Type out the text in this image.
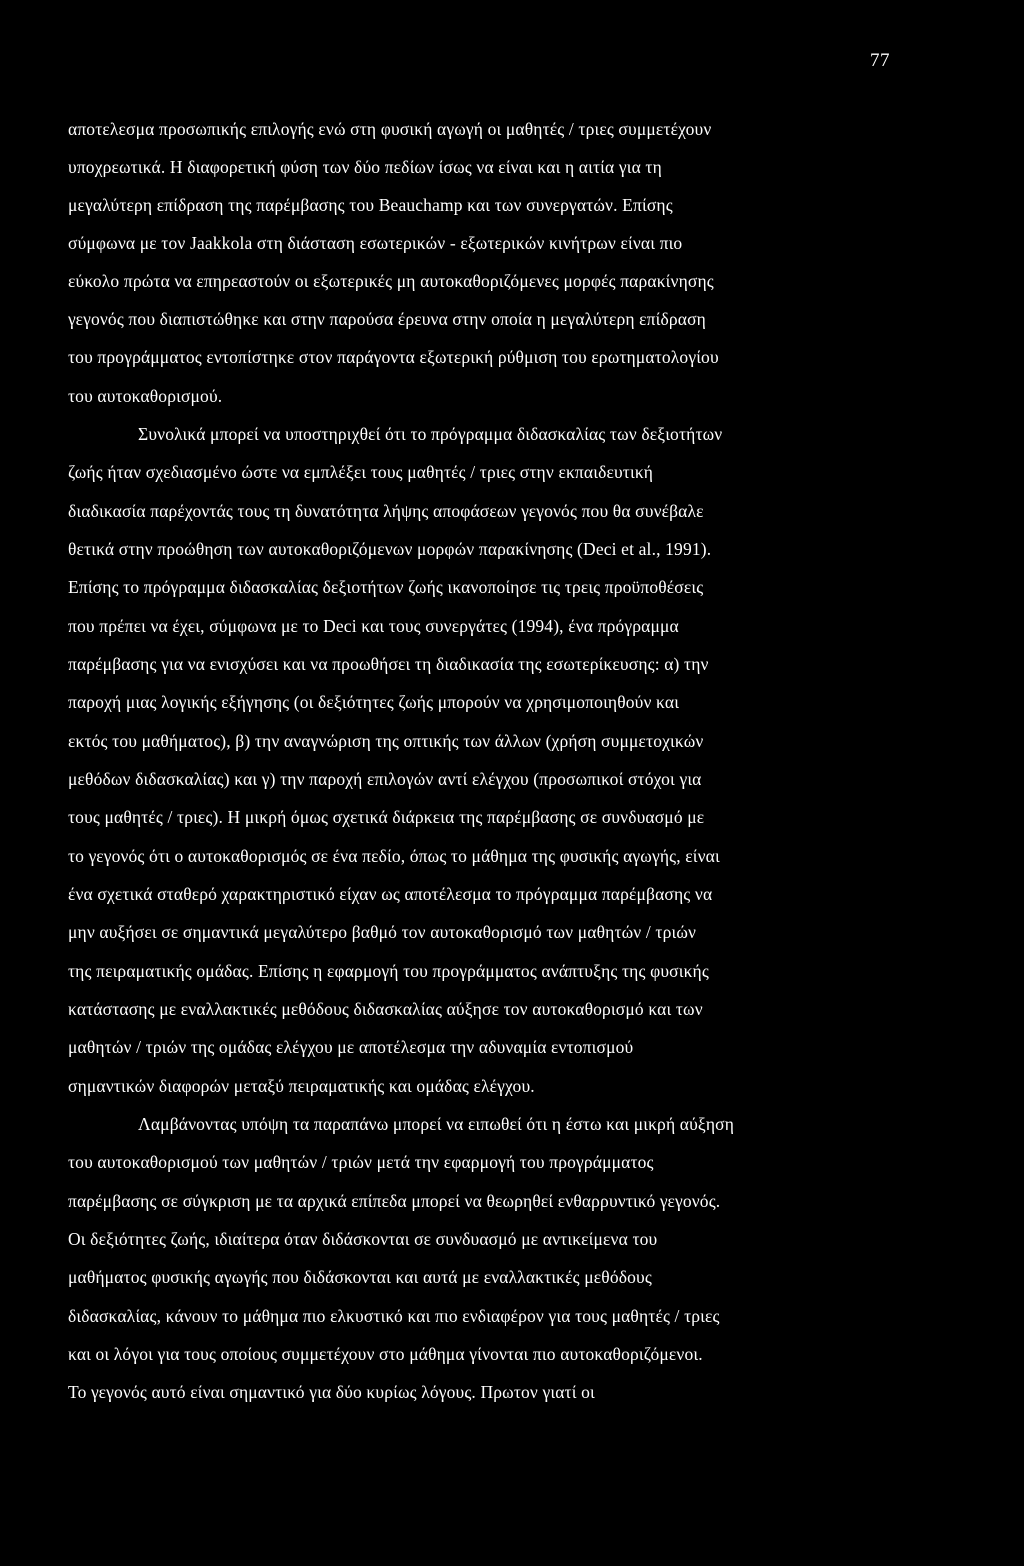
77
αποτελεσμα προσωπικής επιλογής ενώ στη φυσική αγωγή οι μαθητές / τριες συμμετέχουν
υποχρεωτικά. Η διαφορετική φύση των δύο πεδίων ίσως να είναι και η αιτία για τη
μεγαλύτερη επίδραση της παρέμβασης του Beauchamp και των συνεργατών. Επίσης
σύμφωνα με τον Jaakkola στη διάσταση εσωτερικών - εξωτερικών κινήτρων είναι πιο
εύκολο πρώτα να επηρεαστούν οι εξωτερικές μη αυτοκαθοριζόμενες μορφές παρακίνησης
γεγονός που διαπιστώθηκε και στην παρούσα έρευνα στην οποία η μεγαλύτερη επίδραση
του προγράμματος εντοπίστηκε στον παράγοντα εξωτερική ρύθμιση του ερωτηματολογίου
του αυτοκαθορισμού.
Συνολικά μπορεί να υποστηριχθεί ότι το πρόγραμμα διδασκαλίας των δεξιοτήτων
ζωής ήταν σχεδιασμένο ώστε να εμπλέξει τους μαθητές / τριες στην εκπαιδευτική
διαδικασία παρέχοντάς τους τη δυνατότητα λήψης αποφάσεων γεγονός που θα συνέβαλε
θετικά στην προώθηση των αυτοκαθοριζόμενων μορφών παρακίνησης (Deci et al., 1991).
Επίσης το πρόγραμμα διδασκαλίας δεξιοτήτων ζωής ικανοποίησε τις τρεις προϋποθέσεις
που πρέπει να έχει, σύμφωνα με το Deci και τους συνεργάτες (1994), ένα πρόγραμμα
παρέμβασης για να ενισχύσει και να προωθήσει τη διαδικασία της εσωτερίκευσης: α) την
παροχή μιας λογικής εξήγησης (οι δεξιότητες ζωής μπορούν να χρησιμοποιηθούν και
εκτός του μαθήματος), β) την αναγνώριση της οπτικής των άλλων (χρήση συμμετοχικών
μεθόδων διδασκαλίας) και γ) την παροχή επιλογών αντί ελέγχου (προσωπικοί στόχοι για
τους μαθητές / τριες). Η μικρή όμως σχετικά διάρκεια της παρέμβασης σε συνδυασμό με
το γεγονός ότι ο αυτοκαθορισμός σε ένα πεδίο, όπως το μάθημα της φυσικής αγωγής, είναι
ένα σχετικά σταθερό χαρακτηριστικό είχαν ως αποτέλεσμα το πρόγραμμα παρέμβασης να
μην αυξήσει σε σημαντικά μεγαλύτερο βαθμό τον αυτοκαθορισμό των μαθητών / τριών
της πειραματικής ομάδας. Επίσης η εφαρμογή του προγράμματος ανάπτυξης της φυσικής
κατάστασης με εναλλακτικές μεθόδους διδασκαλίας αύξησε τον αυτοκαθορισμό και των
μαθητών / τριών της ομάδας ελέγχου με αποτέλεσμα την αδυναμία εντοπισμού
σημαντικών διαφορών μεταξύ πειραματικής και ομάδας ελέγχου.
Λαμβάνοντας υπόψη τα παραπάνω μπορεί να ειπωθεί ότι η έστω και μικρή αύξηση
του αυτοκαθορισμού των μαθητών / τριών μετά την εφαρμογή του προγράμματος
παρέμβασης σε σύγκριση με τα αρχικά επίπεδα μπορεί να θεωρηθεί ενθαρρυντικό γεγονός.
Οι δεξιότητες ζωής, ιδιαίτερα όταν διδάσκονται σε συνδυασμό με αντικείμενα του
μαθήματος φυσικής αγωγής που διδάσκονται και αυτά με εναλλακτικές μεθόδους
διδασκαλίας, κάνουν το μάθημα πιο ελκυστικό και πιο ενδιαφέρον για τους μαθητές / τριες
και οι λόγοι για τους οποίους συμμετέχουν στο μάθημα γίνονται πιο αυτοκαθοριζόμενοι.
Το γεγονός αυτό είναι σημαντικό για δύο κυρίως λόγους. Πρωτον γιατί οι
